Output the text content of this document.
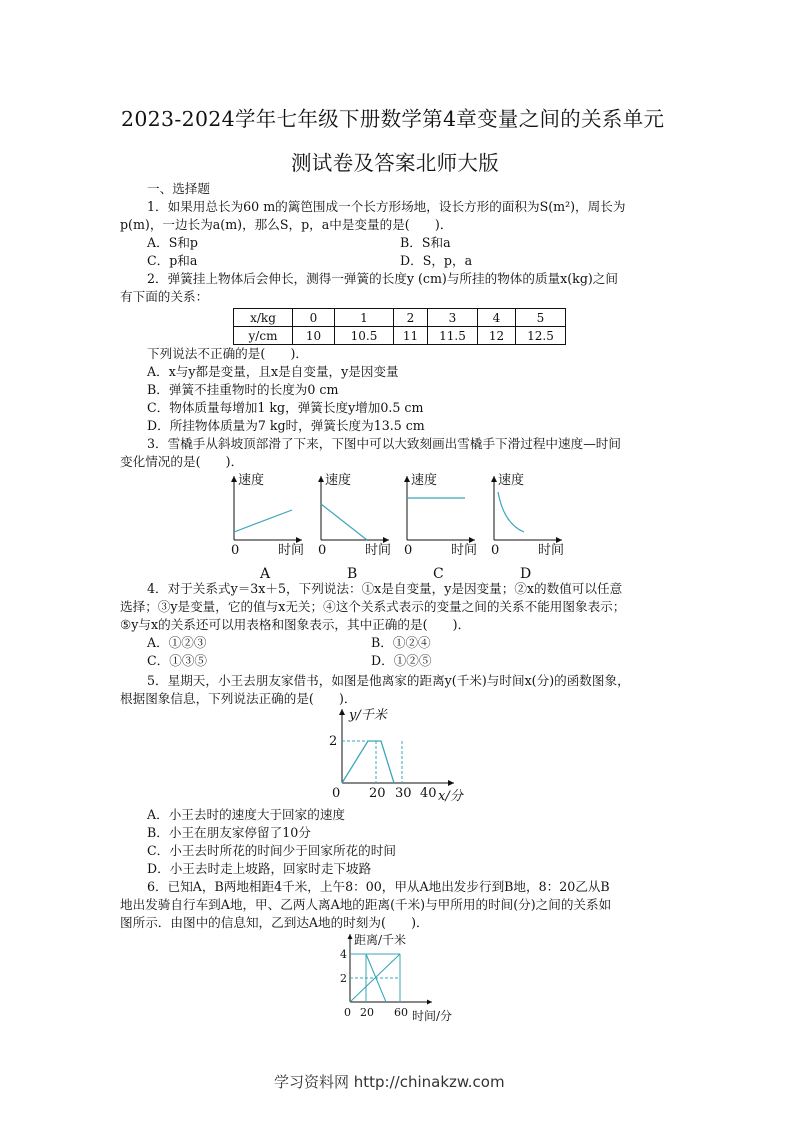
2023-2024学年七年级下册数学第4章变量之间的关系单元
测试卷及答案北师大版
一、选择题
1．如果用总长为60 m的篱笆围成一个长方形场地，设长方形的面积为S(m²)，周长为
p(m)，一边长为a(m)，那么S，p，a中是变量的是(　　)．
A．S和p	B．S和a
C．p和a	D．S，p，a
2．弹簧挂上物体后会伸长，测得一弹簧的长度y (cm)与所挂的物体的质量x(kg)之间
有下面的关系：
x/kg	0	1	2	3	4	5
y/cm	10	10.5	11	11.5	12	12.5
下列说法不正确的是(　　)．
A．x与y都是变量，且x是自变量，y是因变量
B．弹簧不挂重物时的长度为0 cm
C．物体质量每增加1 kg，弹簧长度y增加0.5 cm
D．所挂物体质量为7 kg时，弹簧长度为13.5 cm
3．雪橇手从斜坡顶部滑了下来，下图中可以大致刻画出雪橇手下滑过程中速度—时间
变化情况的是(　　)．
速度
0	时间
A
速度
0	时间
B
速度
0	时间
C
速度
0	时间
D
4．对于关系式y＝3x＋5，下列说法：①x是自变量，y是因变量；②x的数值可以任意
选择；③y是变量，它的值与x无关；④这个关系式表示的变量之间的关系不能用图象表示；
⑤y与x的关系还可以用表格和图象表示，其中正确的是(　　)．
A．①②③	B．①②④
C．①③⑤	D．①②⑤
5．星期天，小王去朋友家借书，如图是他离家的距离y(千米)与时间x(分)的函数图象，
根据图象信息，下列说法正确的是(　　)．
y/千米
2
0 20 30 40 x/分
A．小王去时的速度大于回家的速度
B．小王在朋友家停留了10分
C．小王去时所花的时间少于回家所花的时间
D．小王去时走上坡路，回家时走下坡路
6．已知A，B两地相距4千米，上午8：00，甲从A地出发步行到B地，8：20乙从B
地出发骑自行车到A地，甲、乙两人离A地的距离(千米)与甲所用的时间(分)之间的关系如
图所示．由图中的信息知，乙到达A地的时刻为(　　)．
距离/千米
4
2
0 20 60 时间/分
学习资料网 http://chinakzw.com
